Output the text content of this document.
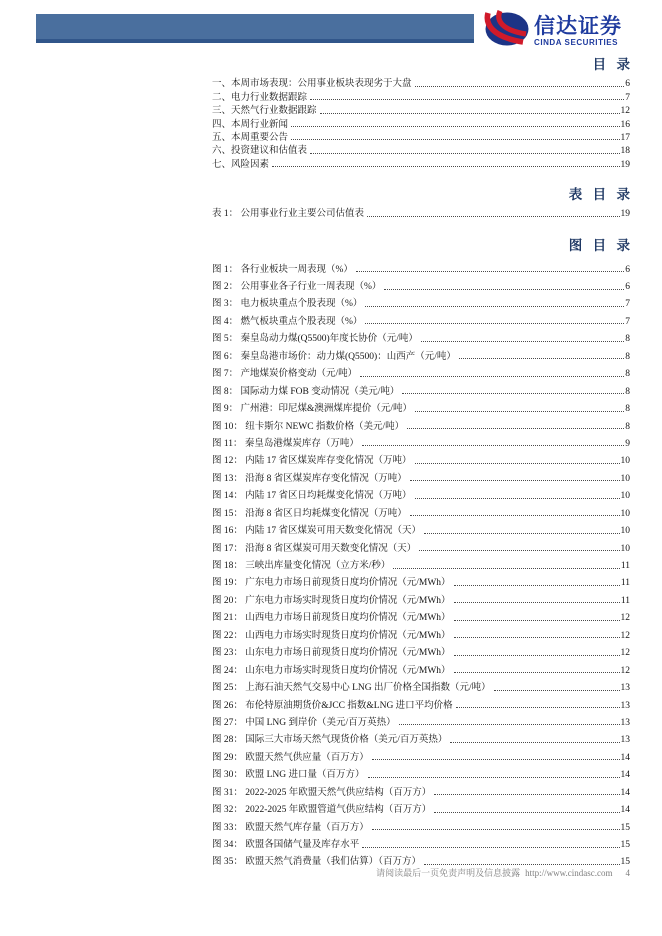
信达证券
CINDA SECURITIES
目 录
一、本周市场表现：公用事业板块表现劣于大盘	6
二、电力行业数据跟踪	7
三、天然气行业数据跟踪	12
四、本周行业新闻	16
五、本周重要公告	17
六、投资建议和估值表	18
七、风险因素	19
表 目 录
表 1： 公用事业行业主要公司估值表	19
图 目 录
图 1： 各行业板块一周表现（%）	6
图 2： 公用事业各子行业一周表现（%）	6
图 3： 电力板块重点个股表现（%）	7
图 4： 燃气板块重点个股表现（%）	7
图 5： 秦皇岛动力煤(Q5500)年度长协价（元/吨）	8
图 6： 秦皇岛港市场价：动力煤(Q5500)：山西产（元/吨）	8
图 7： 产地煤炭价格变动（元/吨）	8
图 8： 国际动力煤 FOB 变动情况（美元/吨）	8
图 9： 广州港：印尼煤&澳洲煤库提价（元/吨）	8
图 10： 纽卡斯尔 NEWC 指数价格（美元/吨）	8
图 11： 秦皇岛港煤炭库存（万吨）	9
图 12： 内陆 17 省区煤炭库存变化情况（万吨）	10
图 13： 沿海 8 省区煤炭库存变化情况（万吨）	10
图 14： 内陆 17 省区日均耗煤变化情况（万吨）	10
图 15： 沿海 8 省区日均耗煤变化情况（万吨）	10
图 16： 内陆 17 省区煤炭可用天数变化情况（天）	10
图 17： 沿海 8 省区煤炭可用天数变化情况（天）	10
图 18： 三峡出库量变化情况（立方米/秒）	11
图 19： 广东电力市场日前现货日度均价情况（元/MWh）	11
图 20： 广东电力市场实时现货日度均价情况（元/MWh）	11
图 21： 山西电力市场日前现货日度均价情况（元/MWh）	12
图 22： 山西电力市场实时现货日度均价情况（元/MWh）	12
图 23： 山东电力市场日前现货日度均价情况（元/MWh）	12
图 24： 山东电力市场实时现货日度均价情况（元/MWh）	12
图 25： 上海石油天然气交易中心 LNG 出厂价格全国指数（元/吨）	13
图 26： 布伦特原油期货价&JCC 指数&LNG 进口平均价格	13
图 27： 中国 LNG 到岸价（美元/百万英热）	13
图 28： 国际三大市场天然气现货价格（美元/百万英热）	13
图 29： 欧盟天然气供应量（百万方）	14
图 30： 欧盟 LNG 进口量（百万方）	14
图 31： 2022-2025 年欧盟天然气供应结构（百万方）	14
图 32： 2022-2025 年欧盟管道气供应结构（百万方）	14
图 33： 欧盟天然气库存量（百万方）	15
图 34： 欧盟各国储气量及库存水平	15
图 35： 欧盟天然气消费量（我们估算）（百万方）	15
请阅读最后一页免责声明及信息披露 http://www.cindasc.com 4
